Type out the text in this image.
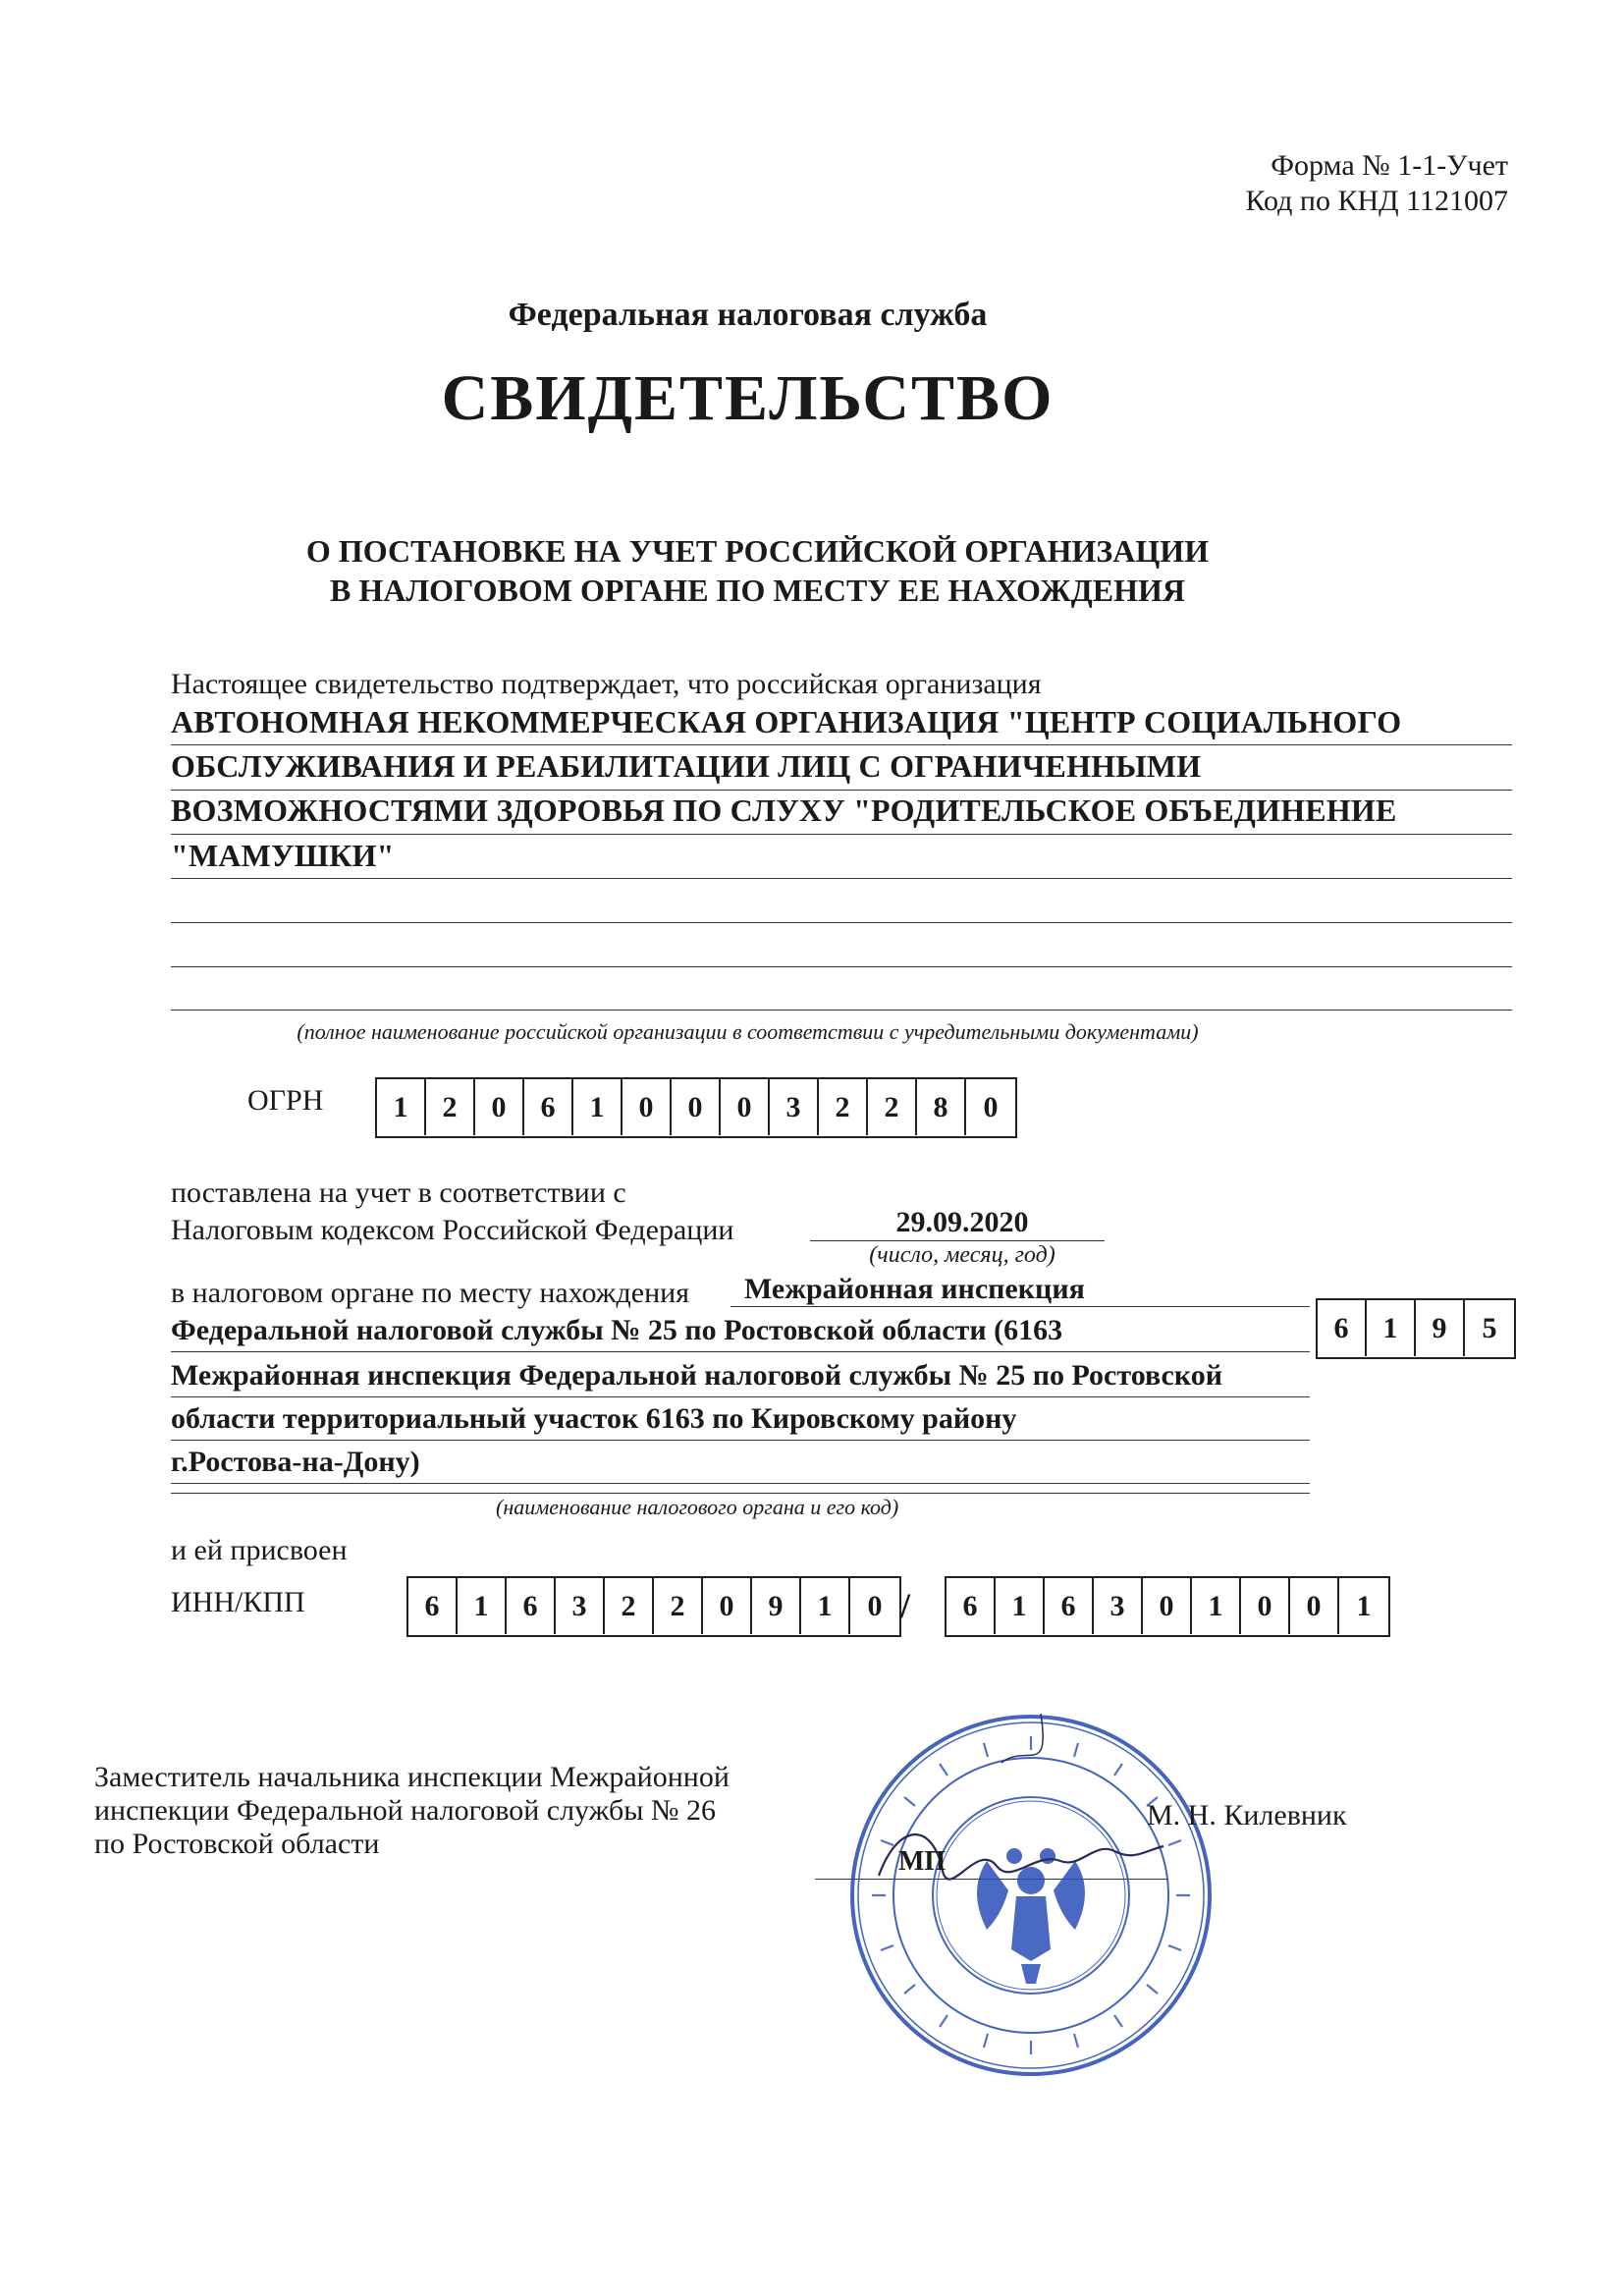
Форма № 1-1-Учет
Код по КНД 1121007
Федеральная налоговая служба
СВИДЕТЕЛЬСТВО
О ПОСТАНОВКЕ НА УЧЕТ РОССИЙСКОЙ ОРГАНИЗАЦИИ
В НАЛОГОВОМ ОРГАНЕ ПО МЕСТУ ЕЕ НАХОЖДЕНИЯ
Настоящее свидетельство подтверждает, что российская организация
АВТОНОМНАЯ НЕКОММЕРЧЕСКАЯ ОРГАНИЗАЦИЯ "ЦЕНТР СОЦИАЛЬНОГО
ОБСЛУЖИВАНИЯ И РЕАБИЛИТАЦИИ ЛИЦ С ОГРАНИЧЕННЫМИ
ВОЗМОЖНОСТЯМИ ЗДОРОВЬЯ ПО СЛУХУ "РОДИТЕЛЬСКОЕ ОБЪЕДИНЕНИЕ
"МАМУШКИ"
(полное наименование российской организации в соответствии с учредительными документами)
ОГРН	1	2	0	6	1	0	0	0	3	2	2	8	0
поставлена на учет в соответствии с
Налоговым кодексом Российской Федерации	29.09.2020
(число, месяц, год)
в налоговом органе по месту нахождения Межрайонная инспекция
Федеральной налоговой службы № 25 по Ростовской области (6163	6	1	9	5
Межрайонная инспекция Федеральной налоговой службы № 25 по Ростовской
области территориальный участок 6163 по Кировскому району
г.Ростова-на-Дону)
(наименование налогового органа и его код)
и ей присвоен
ИНН/КПП	6	1	6	3	2	2	0	9	1	0 /	6	1	6	3	0	1	0	0	1
Заместитель начальника инспекции Межрайонной
инспекции Федеральной налоговой службы № 26
по Ростовской области
МП
М. Н. Килевник
